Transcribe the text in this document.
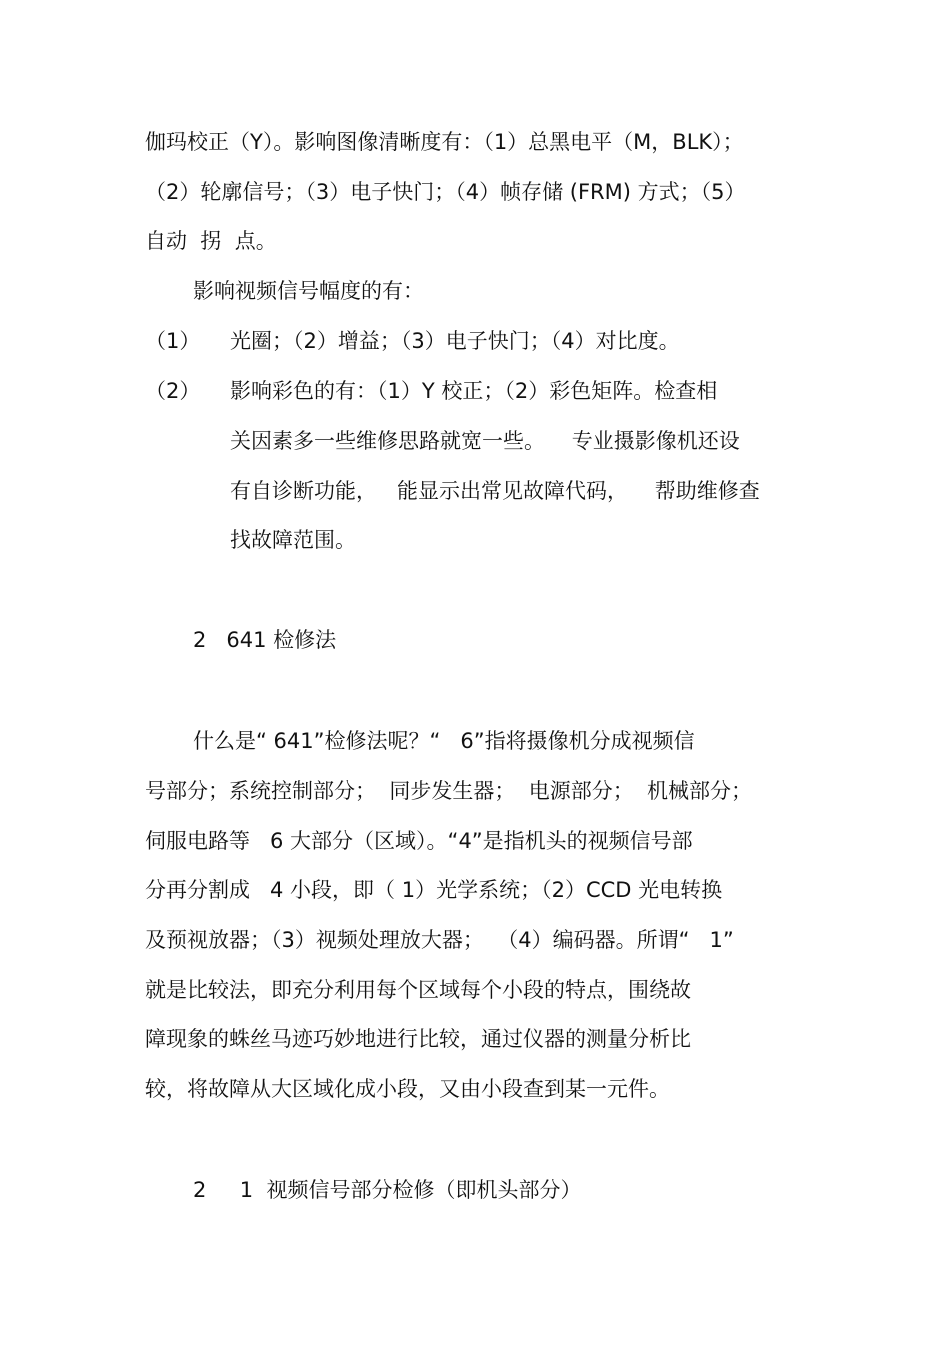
伽玛校正（Y）。影响图像清晰度有：（1）总黑电平（M，BLK）；
（2）轮廓信号；（3）电子快门；（4）帧存储 (FRM) 方式；（5）
自动  拐  点。
影响视频信号幅度的有：
（1） 光圈；（2）增益；（3）电子快门；（4）对比度。
（2） 影响彩色的有：（1）Y 校正；（2）彩色矩阵。检查相
关因素多一些维修思路就宽一些。    专业摄影像机还设
有自诊断功能，   能显示出常见故障代码，    帮助维修查
找故障范围。
2   641 检修法
什么是“ 641”检修法呢？“   6”指将摄像机分成视频信
号部分；系统控制部分；  同步发生器；  电源部分；  机械部分；
伺服电路等   6 大部分（区域）。“4”是指机头的视频信号部
分再分割成   4 小段，即（ 1）光学系统；（2）CCD 光电转换
及预视放器；（3）视频处理放大器；  （4）编码器。所谓“   1”
就是比较法，即充分利用每个区域每个小段的特点，围绕故
障现象的蛛丝马迹巧妙地进行比较，通过仪器的测量分析比
较，将故障从大区域化成小段，又由小段查到某一元件。
2     1  视频信号部分检修（即机头部分）
